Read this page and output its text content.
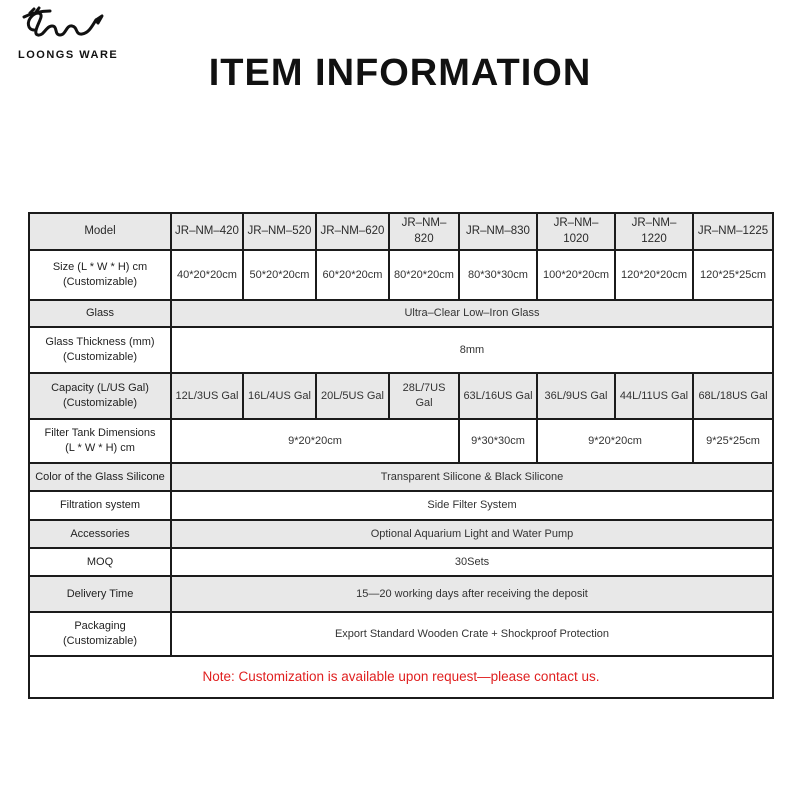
LOONGS WARE	ITEM INFORMATION
Model	JR–NM–420	JR–NM–520	JR–NM–620	JR–NM–820	JR–NM–830	JR–NM–1020	JR–NM–1220	JR–NM–1225

Size (L * W * H) cm
(Customizable)	40*20*20cm	50*20*20cm	60*20*20cm	80*20*20cm	80*30*30cm	100*20*20cm	120*20*20cm	120*25*25cm

Glass	Ultra–Clear Low–Iron Glass							

Glass Thickness (mm)
(Customizable)	8mm							

Capacity (L/US Gal)
(Customizable)	12L/3US Gal	16L/4US Gal	20L/5US Gal	28L/7US Gal	63L/16US Gal	36L/9US Gal	44L/11US Gal	68L/18US Gal

Filter Tank Dimensions
(L * W * H) cm	9*20*20cm				9*30*30cm	9*20*20cm		9*25*25cm

Color of the Glass Silicone	Transparent Silicone & Black Silicone							

Filtration system	Side Filter System							

Accessories	Optional Aquarium Light and Water Pump							

MOQ	30Sets							

Delivery Time	15—20 working days after receiving the deposit							

Packaging
(Customizable)	Export Standard Wooden Crate + Shockproof Protection							
Note: Customization is available upon request—please contact us.								
